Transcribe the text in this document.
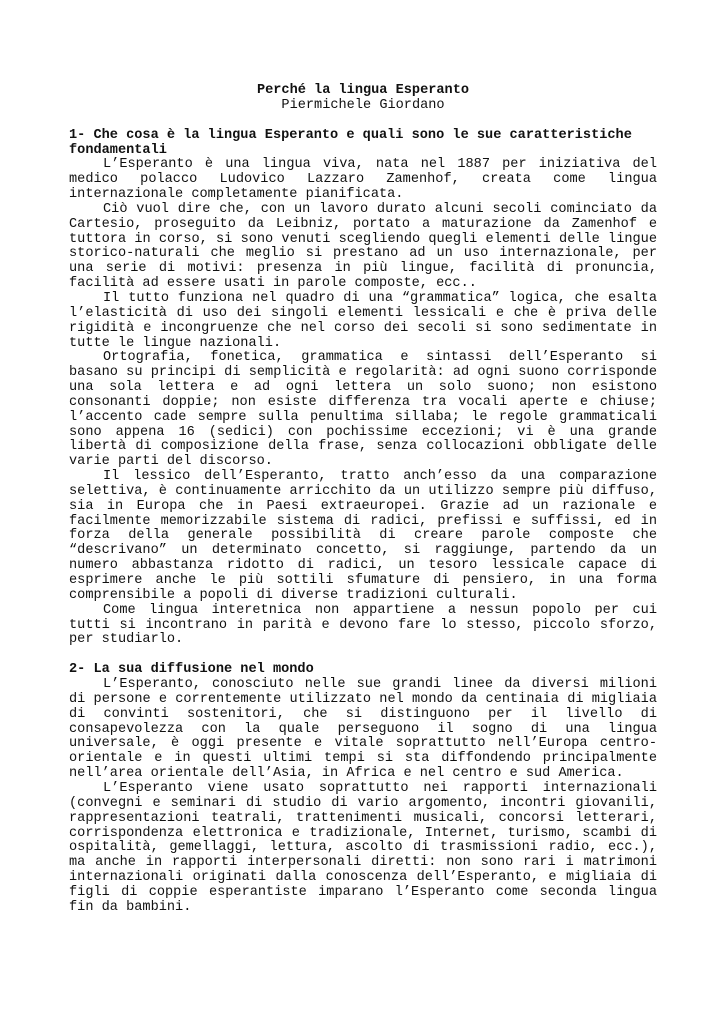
Perché la lingua Esperanto
Piermichele Giordano
1- Che cosa è la lingua Esperanto e quali sono le sue caratteristiche fondamentali

L’Esperanto è una lingua viva, nata nel 1887 per iniziativa del medico polacco Ludovico Lazzaro Zamenhof, creata come lingua internazionale completamente pianificata.

Ciò vuol dire che, con un lavoro durato alcuni secoli cominciato da Cartesio, proseguito da Leibniz, portato a maturazione da Zamenhof e tuttora in corso, si sono venuti scegliendo quegli elementi delle lingue storico-naturali che meglio si prestano ad un uso internazionale, per una serie di motivi: presenza in più lingue, facilità di pronuncia, facilità ad essere usati in parole composte, ecc..

Il tutto funziona nel quadro di una “grammatica” logica, che esalta l’elasticità di uso dei singoli elementi lessicali e che è priva delle rigidità e incongruenze che nel corso dei secoli si sono sedimentate in tutte le lingue nazionali.

Ortografia, fonetica, grammatica e sintassi dell’Esperanto si basano su principi di semplicità e regolarità: ad ogni suono corrisponde una sola lettera e ad ogni lettera un solo suono; non esistono consonanti doppie; non esiste differenza tra vocali aperte e chiuse; l’accento cade sempre sulla penultima sillaba; le regole grammaticali sono appena 16 (sedici) con pochissime eccezioni; vi è una grande libertà di composizione della frase, senza collocazioni obbligate delle varie parti del discorso.

Il lessico dell’Esperanto, tratto anch’esso da una comparazione selettiva, è continuamente arricchito da un utilizzo sempre più diffuso, sia in Europa che in Paesi extraeuropei. Grazie ad un razionale e facilmente memorizzabile sistema di radici, prefissi e suffissi, ed in forza della generale possibilità di creare parole composte che “descrivano” un determinato concetto, si raggiunge, partendo da un numero abbastanza ridotto di radici, un tesoro lessicale capace di esprimere anche le più sottili sfumature di pensiero, in una forma comprensibile a popoli di diverse tradizioni culturali.

Come lingua interetnica non appartiene a nessun popolo per cui tutti si incontrano in parità e devono fare lo stesso, piccolo sforzo, per studiarlo.

2- La sua diffusione nel mondo

L’Esperanto, conosciuto nelle sue grandi linee da diversi milioni di persone e correntemente utilizzato nel mondo da centinaia di migliaia di convinti sostenitori, che si distinguono per il livello di consapevolezza con la quale perseguono il sogno di una lingua universale, è oggi presente e vitale soprattutto nell’Europa centro-orientale e in questi ultimi tempi si sta diffondendo principalmente nell’area orientale dell’Asia, in Africa e nel centro e sud America.

L’Esperanto viene usato soprattutto nei rapporti internazionali (convegni e seminari di studio di vario argomento, incontri giovanili, rappresentazioni teatrali, trattenimenti musicali, concorsi letterari, corrispondenza elettronica e tradizionale, Internet, turismo, scambi di ospitalità, gemellaggi, lettura, ascolto di trasmissioni radio, ecc.), ma anche in rapporti interpersonali diretti: non sono rari i matrimoni internazionali originati dalla conoscenza dell’Esperanto, e migliaia di figli di coppie esperantiste imparano l’Esperanto come seconda lingua fin da bambini.
